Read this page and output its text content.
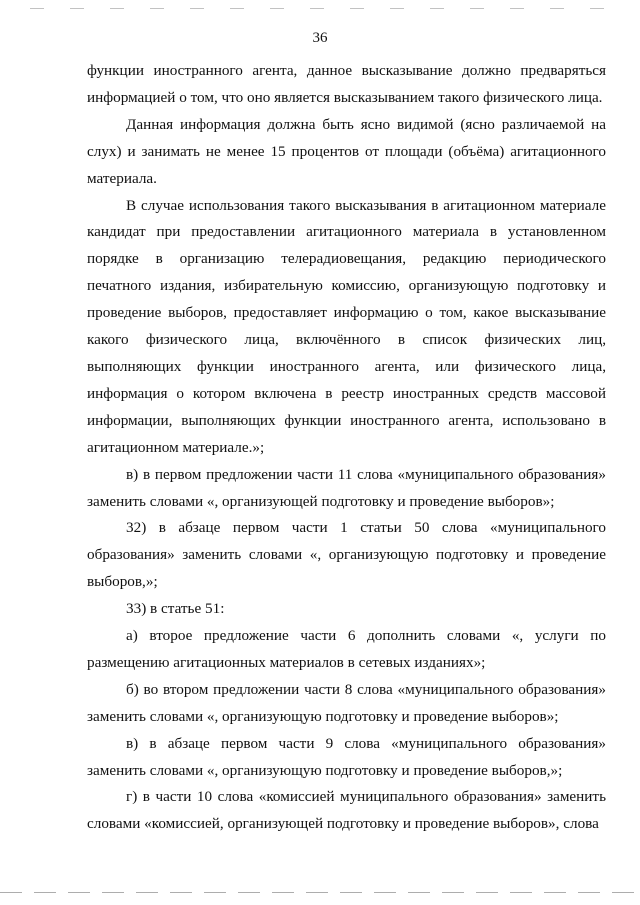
36

функции иностранного агента, данное высказывание должно предваряться информацией о том, что оно является высказыванием такого физического лица.

Данная информация должна быть ясно видимой (ясно различаемой на слух) и занимать не менее 15 процентов от площади (объёма) агитационного материала.

В случае использования такого высказывания в агитационном материале кандидат при предоставлении агитационного материала в установленном порядке в организацию телерадиовещания, редакцию периодического печатного издания, избирательную комиссию, организующую подготовку и проведение выборов, предоставляет информацию о том, какое высказывание какого физического лица, включённого в список физических лиц, выполняющих функции иностранного агента, или физического лица, информация о котором включена в реестр иностранных средств массовой информации, выполняющих функции иностранного агента, использовано в агитационном материале.»;

в) в первом предложении части 11 слова «муниципального образования» заменить словами «, организующей подготовку и проведение выборов»;

32) в абзаце первом части 1 статьи 50 слова «муниципального образования» заменить словами «, организующую подготовку и проведение выборов,»;

33) в статье 51:

а) второе предложение части 6 дополнить словами «, услуги по размещению агитационных материалов в сетевых изданиях»;

б) во втором предложении части 8 слова «муниципального образования» заменить словами «, организующую подготовку и проведение выборов»;

в) в абзаце первом части 9 слова «муниципального образования» заменить словами «, организующую подготовку и проведение выборов,»;

г) в части 10 слова «комиссией муниципального образования» заменить словами «комиссией, организующей подготовку и проведение выборов», слова
